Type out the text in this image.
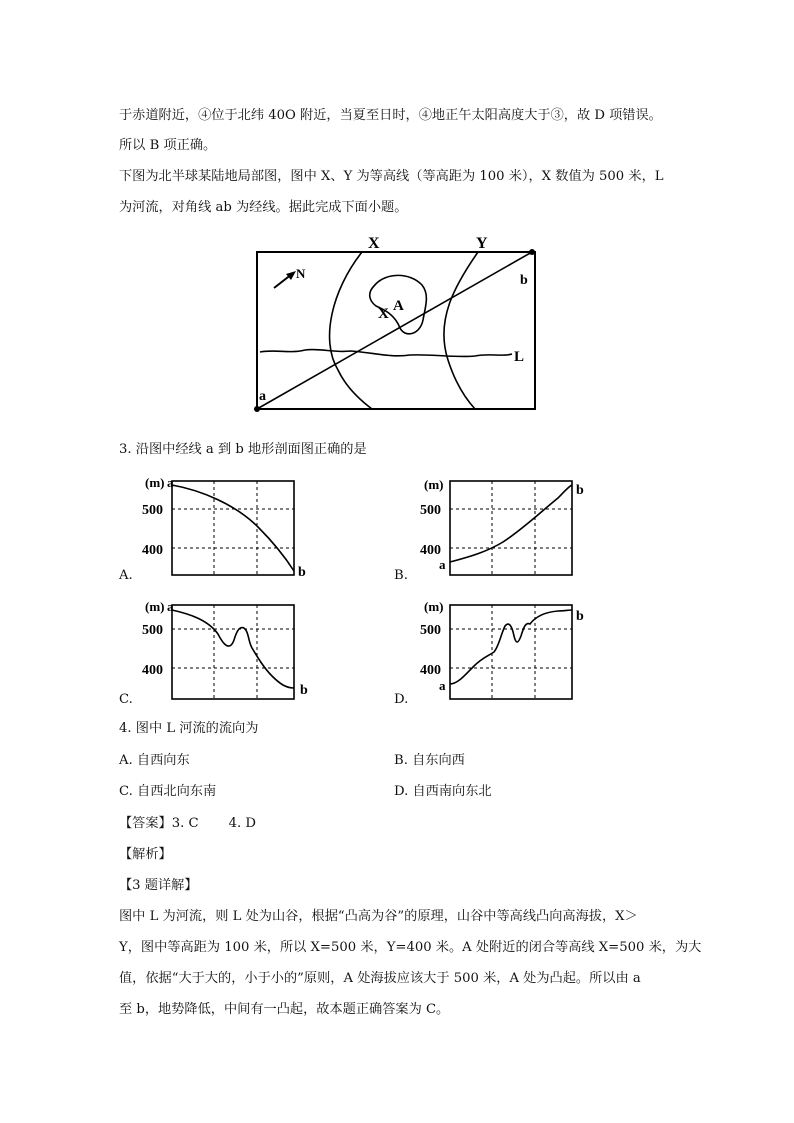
于赤道附近，④位于北纬 40O 附近，当夏至日时，④地正午太阳高度大于③，故 D 项错误。
所以 B 项正确。
下图为北半球某陆地局部图，图中 X、Y 为等高线（等高距为 100 米），X 数值为 500 米，L
为河流，对角线 ab 为经线。据此完成下面小题。
X	Y
X A
N
a
b
L
3. 沿图中经线 a 到 b 地形剖面图正确的是
(m) a
500
400
b
A.
(m)
500
400
a
b
B.
(m) a
500
400
b
C.
(m)
500
400
a
b
D.
4. 图中 L 河流的流向为
A. 自西向东	B. 自东向西
C. 自西北向东南	D. 自西南向东北
【答案】3. C 4. D
【解析】
【3 题详解】
图中 L 为河流，则 L 处为山谷，根据“凸高为谷”的原理，山谷中等高线凸向高海拔，X＞
Y，图中等高距为 100 米，所以 X=500 米，Y=400 米。A 处附近的闭合等高线 X=500 米，为大
值，依据“大于大的，小于小的”原则，A 处海拔应该大于 500 米，A 处为凸起。所以由 a
至 b，地势降低，中间有一凸起，故本题正确答案为 C。
